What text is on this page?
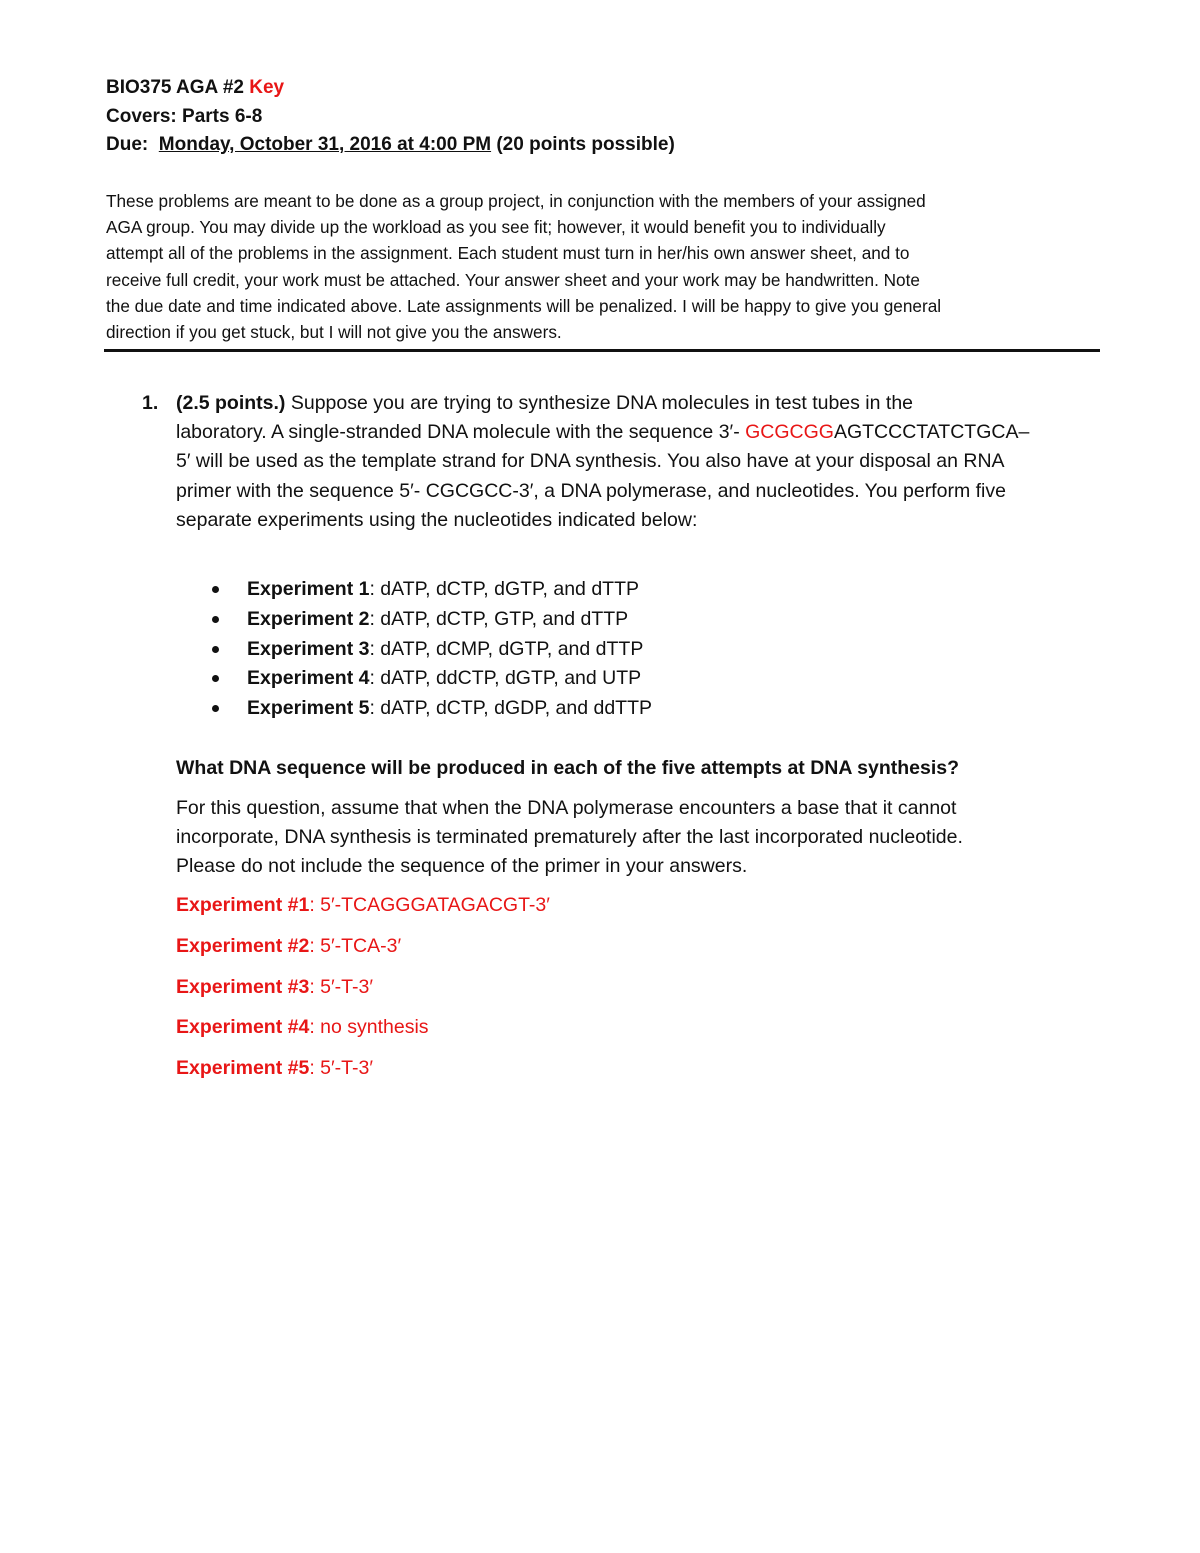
BIO375 AGA #2 Key
Covers: Parts 6-8
Due: Monday, October 31, 2016 at 4:00 PM (20 points possible)

These problems are meant to be done as a group project, in conjunction with the members of your assigned

AGA group. You may divide up the workload as you see fit; however, it would benefit you to individually

attempt all of the problems in the assignment. Each student must turn in her/his own answer sheet, and to

receive full credit, your work must be attached. Your answer sheet and your work may be handwritten. Note

the due date and time indicated above. Late assignments will be penalized. I will be happy to give you general

direction if you get stuck, but I will not give you the answers.

1. (2.5 points.) Suppose you are trying to synthesize DNA molecules in test tubes in the

laboratory. A single-stranded DNA molecule with the sequence 3′- GCGCGGAGTCCCTATCTGCA–

5′ will be used as the template strand for DNA synthesis. You also have at your disposal an RNA

primer with the sequence 5′- CGCGCC-3′, a DNA polymerase, and nucleotides. You perform five

separate experiments using the nucleotides indicated below:

Experiment 1: dATP, dCTP, dGTP, and dTTP
Experiment 2: dATP, dCTP, GTP, and dTTP
Experiment 3: dATP, dCMP, dGTP, and dTTP
Experiment 4: dATP, ddCTP, dGTP, and UTP
Experiment 5: dATP, dCTP, dGDP, and ddTTP

What DNA sequence will be produced in each of the five attempts at DNA synthesis?

For this question, assume that when the DNA polymerase encounters a base that it cannot

incorporate, DNA synthesis is terminated prematurely after the last incorporated nucleotide.

Please do not include the sequence of the primer in your answers.

Experiment #1: 5′-TCAGGGATAGACGT-3′

Experiment #2: 5′-TCA-3′

Experiment #3: 5′-T-3′

Experiment #4: no synthesis

Experiment #5: 5′-T-3′
